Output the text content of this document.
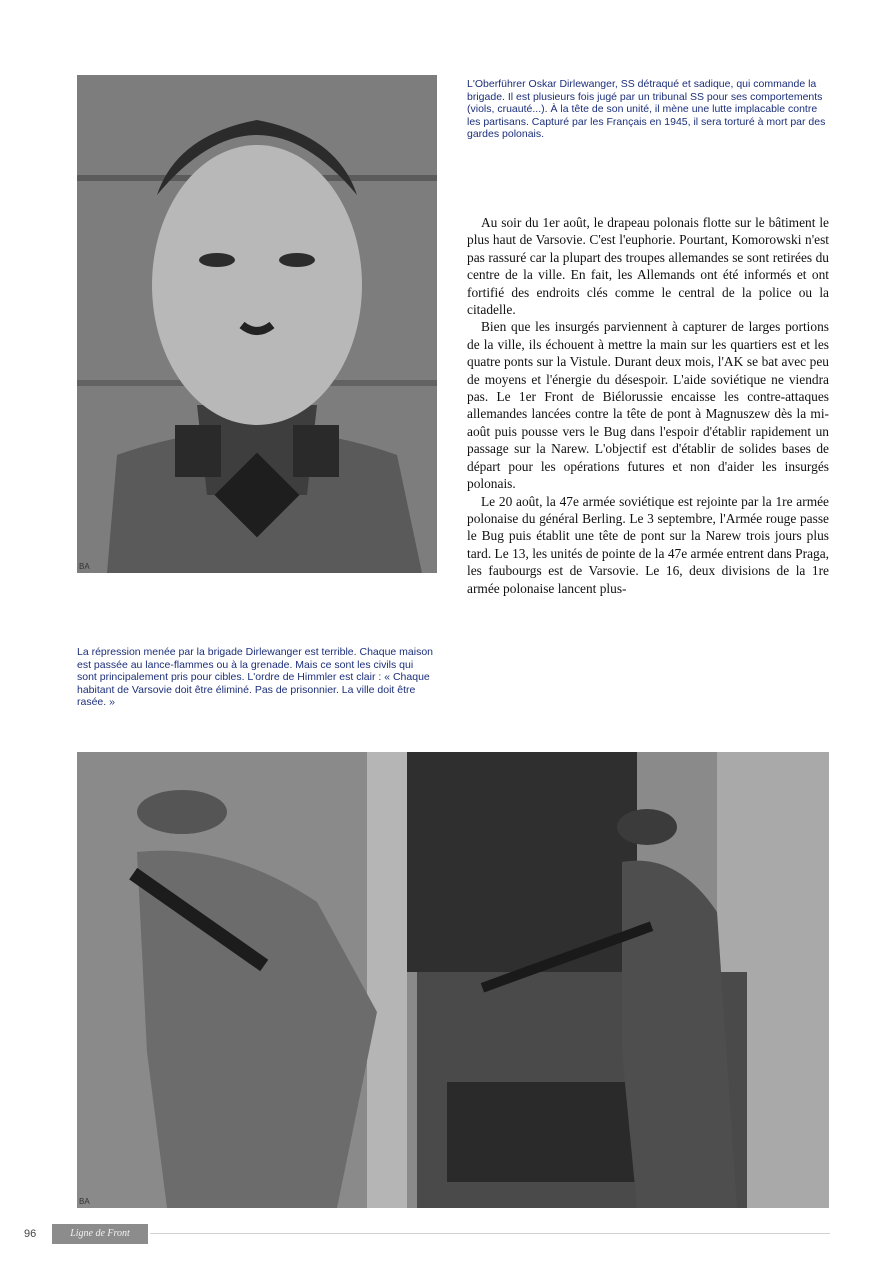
BA
L'Oberführer Oskar Dirlewanger, SS détraqué et sadique, qui commande la brigade. Il est plusieurs fois jugé par un tribunal SS pour ses comportements (viols, cruauté...). À la tête de son unité, il mène une lutte implacable contre les partisans. Capturé par les Français en 1945, il sera torturé à mort par des gardes polonais.

Au soir du 1er août, le drapeau polonais flotte sur le bâtiment le plus haut de Varsovie. C'est l'euphorie. Pourtant, Komorowski n'est pas rassuré car la plupart des troupes allemandes se sont retirées du centre de la ville. En fait, les Allemands ont été informés et ont fortifié des endroits clés comme le central de la police ou la citadelle.

Bien que les insurgés parviennent à capturer de larges portions de la ville, ils échouent à mettre la main sur les quartiers est et les quatre ponts sur la Vistule. Durant deux mois, l'AK se bat avec peu de moyens et l'énergie du désespoir. L'aide soviétique ne viendra pas. Le 1er Front de Biélorussie encaisse les contre-attaques allemandes lancées contre la tête de pont à Magnuszew dès la mi-août puis pousse vers le Bug dans l'espoir d'établir rapidement un passage sur la Narew. L'objectif est d'établir de solides bases de départ pour les opérations futures et non d'aider les insurgés polonais.

Le 20 août, la 47e armée soviétique est rejointe par la 1re armée polonaise du général Berling. Le 3 septembre, l'Armée rouge passe le Bug puis établit une tête de pont sur la Narew trois jours plus tard. Le 13, les unités de pointe de la 47e armée entrent dans Praga, les faubourgs est de Varsovie. Le 16, deux divisions de la 1re armée polonaise lancent plus-

La répression menée par la brigade Dirlewanger est terrible. Chaque maison est passée au lance-flammes ou à la grenade. Mais ce sont les civils qui sont principalement pris pour cibles. L'ordre de Himmler est clair : « Chaque habitant de Varsovie doit être éliminé. Pas de prisonnier. La ville doit être rasée. »
BA
96	Ligne de Front
